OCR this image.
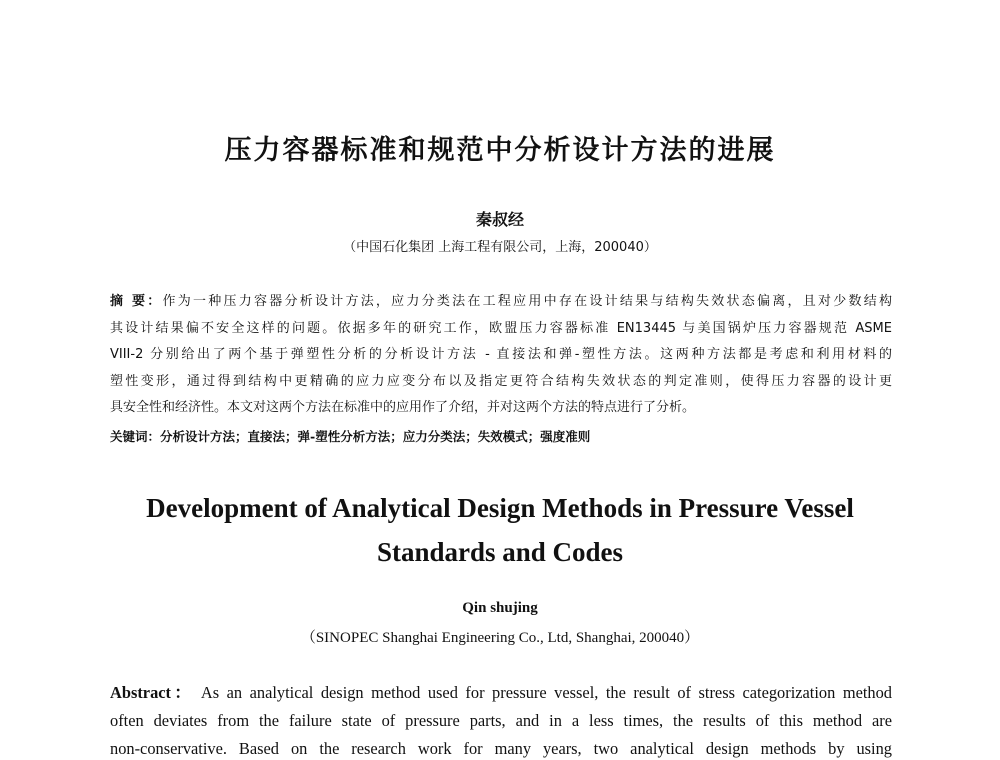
压力容器标准和规范中分析设计方法的进展
秦叔经
（中国石化集团 上海工程有限公司，上海，200040）
摘 要：作为一种压力容器分析设计方法，应力分类法在工程应用中存在设计结果与结构失效状态偏离，且对少数结构
其设计结果偏不安全这样的问题。依据多年的研究工作，欧盟压力容器标准 EN13445 与美国锅炉压力容器规范 ASME
VIII-2 分别给出了两个基于弹塑性分析的分析设计方法 - 直接法和弹-塑性方法。这两种方法都是考虑和利用材料的
塑性变形，通过得到结构中更精确的应力应变分布以及指定更符合结构失效状态的判定准则，使得压力容器的设计更
具安全性和经济性。本文对这两个方法在标准中的应用作了介绍，并对这两个方法的特点进行了分析。
关键词：分析设计方法；直接法；弹-塑性分析方法；应力分类法；失效模式；强度准则
Development of Analytical Design Methods in Pressure Vessel
Standards and Codes
Qin shujing
（SINOPEC Shanghai Engineering Co., Ltd, Shanghai, 200040）
Abstract： As an analytical design method used for pressure vessel, the result of stress categorization method
often deviates from the failure state of pressure parts, and in a less times, the results of this method are
non-conservative. Based on the research work for many years, two analytical design methods by using
